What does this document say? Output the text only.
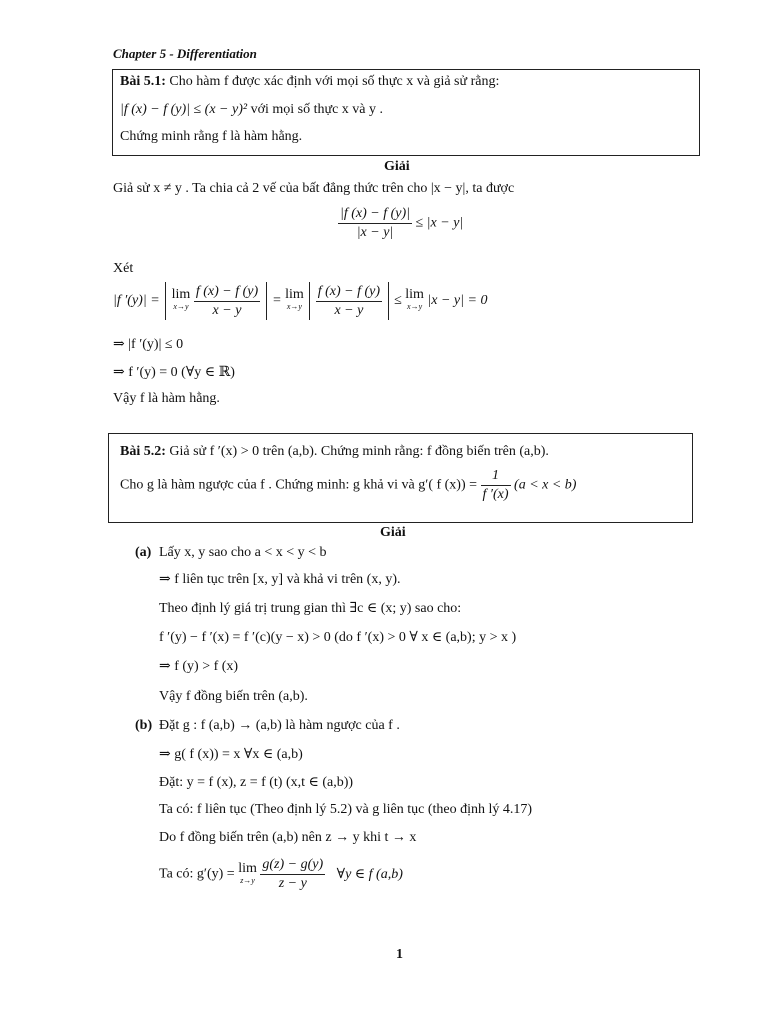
Chapter 5 - Differentiation
Bài 5.1: Cho hàm f được xác định với mọi số thực x và giả sử rằng:
|f (x) − f (y)| ≤ (x − y)² với mọi số thực x và y .
Chứng minh rằng f là hàm hằng.
Giải
Giả sử x ≠ y . Ta chia cả 2 vế của bất đẳng thức trên cho |x − y|, ta được
$\frac{|f (x) - f (y)|}{|x - y|} \le |x - y|$
Xét
|f ′(y)| = lim
x→y
$\frac{f (x) - f (y)}{x - y} = \lim$
x→y
$\frac{f (x) - f (y)}{x - y} \le \lim$
x→y |x − y| = 0
⇒ |f ′(y)| ≤ 0
⇒ f ′(y) = 0 (∀y ∈ ℝ)
Vậy f là hàm hằng.
Bài 5.2: Giả sử f ′(x) > 0 trên (a,b). Chứng minh rằng: f đồng biến trên (a,b).
Cho g là hàm ngược của f . Chứng minh: g khả vi và g′( f $(x)) = \frac{1}{f '(x)} (a < x < b)$
Giải
(a) Lấy x, y sao cho a < x < y < b
⇒ f liên tục trên [x, y] và khả vi trên (x, y).
Theo định lý giá trị trung gian thì ∃c ∈ (x; y) sao cho:
f ′(y) − f ′(x) = f ′(c)(y − x) > 0 (do f ′(x) > 0 ∀ x ∈ (a,b); y > x )
⇒ f (y) > f (x)
Vậy f đồng biến trên (a,b).
(b) Đặt g : f (a,b) → (a,b) là hàm ngược của f .
⇒ g( f (x)) = x ∀x ∈ (a,b)
Đặt: y = f (x), z = f (t) (x,t ∈ (a,b))
Ta có: f liên tục (Theo định lý 5.2) và g liên tục (theo định lý 4.17)
Do f đồng biến trên (a,b) nên z → y khi t → x
Ta có: g′(y) = lim
z→y
$\frac{g(z) - g(y)}{z - y}$ ∀y ∈ f (a,b)
1
